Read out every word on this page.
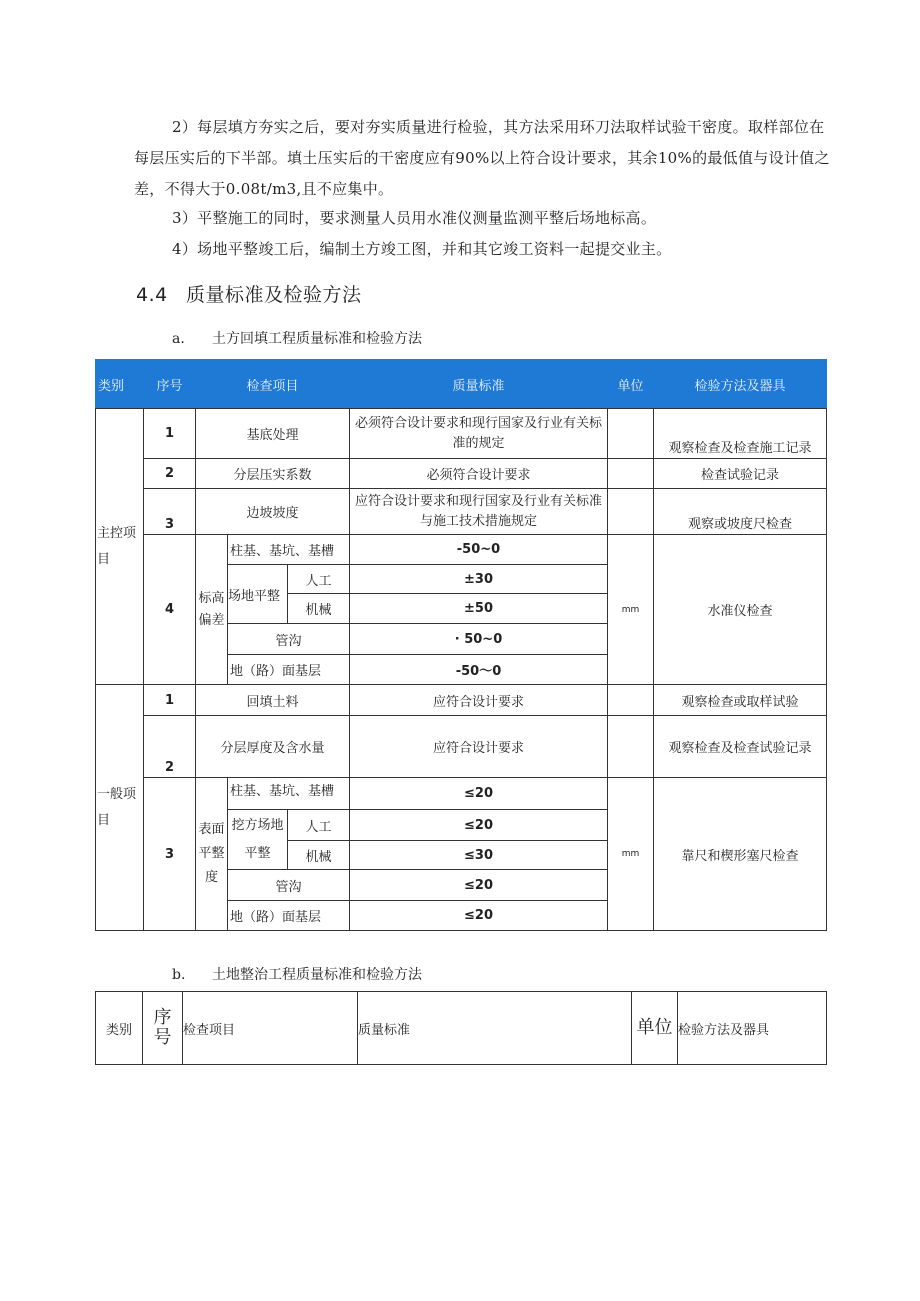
2）每层填方夯实之后，要对夯实质量进行检验，其方法采用环刀法取样试验干密度。取样部位在每层压实后的下半部。填土压实后的干密度应有90%以上符合设计要求，其余10%的最低值与设计值之差，不得大于0.08t/m3,且不应集中。
3）平整施工的同时，要求测量人员用水准仪测量监测平整后场地标高。
4）场地平整竣工后，编制土方竣工图，并和其它竣工资料一起提交业主。
4.4 质量标准及检验方法
a. 土方回填工程质量标准和检验方法
类别	序号	检查项目			质量标准	单位	检验方法及器具
主控项目	1	基底处理			必须符合设计要求和现行国家及行业有关标准的规定		观察检查及检查施工记录
	2	分层压实系数			必须符合设计要求		检查试验记录
	3	边坡坡度			应符合设计要求和现行国家及行业有关标准与施工技术措施规定		观察或坡度尺检查
	4	标高偏差	柱基、基坑、基槽		-50~0	mm	水准仪检查
			场地平整	人工	±30		
				机械	±50		
			管沟		· 50~0		
			地（路）面基层		-50〜0		
一般项目	1	回填土料			应符合设计要求		观察检查或取样试验
	2	分层厚度及含水量			应符合设计要求		观察检查及检查试验记录
	3	表面平整度	柱基、基坑、基槽		≤20	mm	靠尺和楔形塞尺检查

			挖方场地平整	人工	≤20		
				机械	≤30		
			管沟		≤20		
			地（路）面基层		≤20		
b. 土地整治工程质量标准和检验方法
类别	序号	检查项目	质量标准	单位	检验方法及器具
